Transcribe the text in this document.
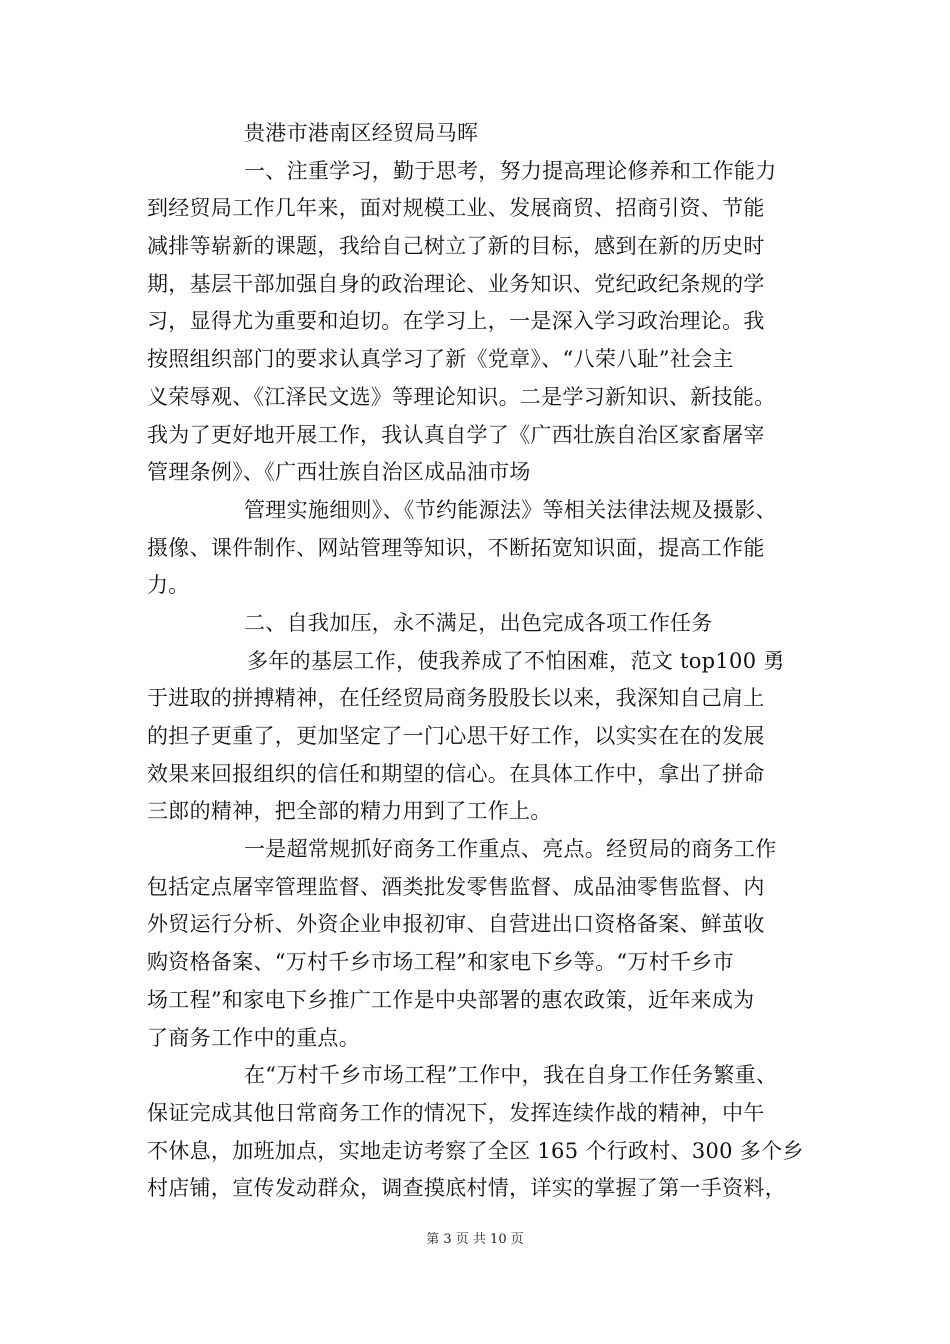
贵港市港南区经贸局马晖
一、注重学习，勤于思考，努力提高理论修养和工作能力
到经贸局工作几年来，面对规模工业、发展商贸、招商引资、节能
减排等崭新的课题，我给自己树立了新的目标，感到在新的历史时
期，基层干部加强自身的政治理论、业务知识、党纪政纪条规的学
习，显得尤为重要和迫切。在学习上，一是深入学习政治理论。我
按照组织部门的要求认真学习了新《党章》、“八荣八耻”社会主
义荣辱观、《江泽民文选》等理论知识。二是学习新知识、新技能。
我为了更好地开展工作，我认真自学了《广西壮族自治区家畜屠宰
管理条例》、《广西壮族自治区成品油市场
管理实施细则》、《节约能源法》等相关法律法规及摄影、
摄像、课件制作、网站管理等知识，不断拓宽知识面，提高工作能
力。
二、自我加压，永不满足，出色完成各项工作任务
多年的基层工作，使我养成了不怕困难，范文 top100 勇
于进取的拼搏精神，在任经贸局商务股股长以来，我深知自己肩上
的担子更重了，更加坚定了一门心思干好工作，以实实在在的发展
效果来回报组织的信任和期望的信心。在具体工作中，拿出了拼命
三郎的精神，把全部的精力用到了工作上。
一是超常规抓好商务工作重点、亮点。经贸局的商务工作
包括定点屠宰管理监督、酒类批发零售监督、成品油零售监督、内
外贸运行分析、外资企业申报初审、自营进出口资格备案、鲜茧收
购资格备案、“万村千乡市场工程”和家电下乡等。“万村千乡市
场工程”和家电下乡推广工作是中央部署的惠农政策，近年来成为
了商务工作中的重点。
在“万村千乡市场工程”工作中，我在自身工作任务繁重、
保证完成其他日常商务工作的情况下，发挥连续作战的精神，中午
不休息，加班加点，实地走访考察了全区 165 个行政村、300 多个乡
村店铺，宣传发动群众，调查摸底村情，详实的掌握了第一手资料，
第 3 页 共 10 页
